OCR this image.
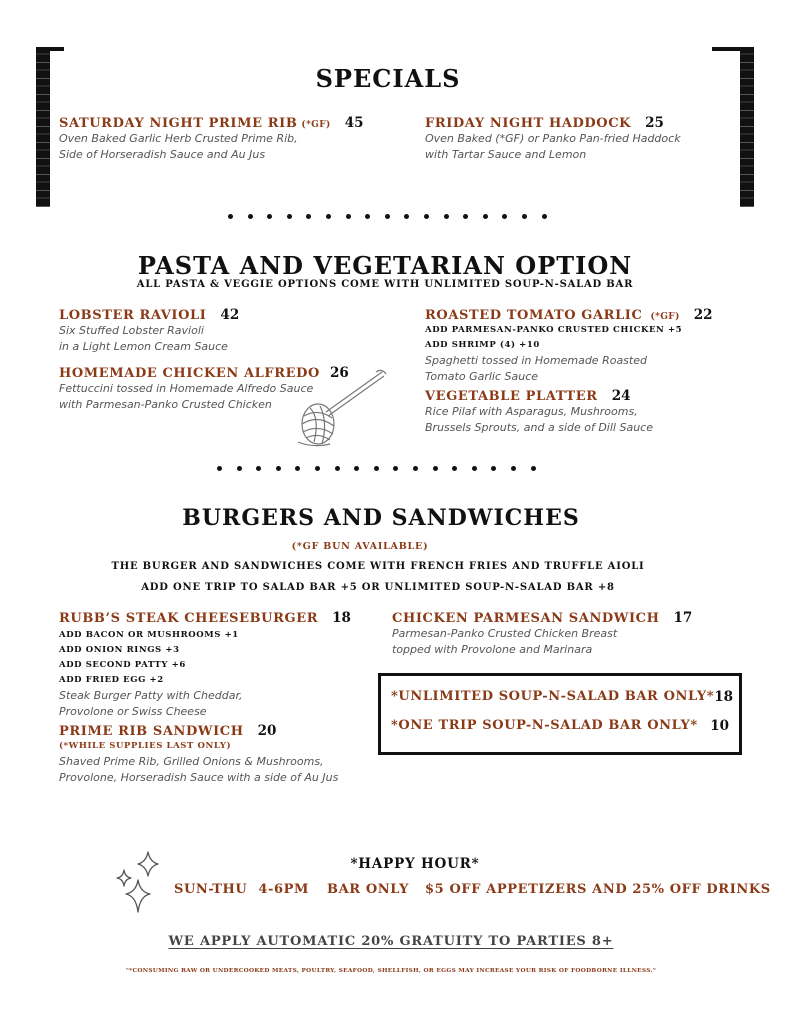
SPECIALS
SATURDAY NIGHT PRIME RIB (*GF) 45
Oven Baked Garlic Herb Crusted Prime Rib,
Side of Horseradish Sauce and Au Jus
FRIDAY NIGHT HADDOCK 25
Oven Baked (*GF) or Panko Pan-fried Haddock
with Tartar Sauce and Lemon
PASTA AND VEGETARIAN OPTION
ALL PASTA & VEGGIE OPTIONS COME WITH UNLIMITED SOUP-N-SALAD BAR
LOBSTER RAVIOLI 42
Six Stuffed Lobster Ravioli
in a Light Lemon Cream Sauce
HOMEMADE CHICKEN ALFREDO 26
Fettuccini tossed in Homemade Alfredo Sauce
with Parmesan-Panko Crusted Chicken
ROASTED TOMATO GARLIC (*GF) 22
ADD PARMESAN-PANKO CRUSTED CHICKEN +5
ADD SHRIMP (4) +10
Spaghetti tossed in Homemade Roasted
Tomato Garlic Sauce
VEGETABLE PLATTER 24
Rice Pilaf with Asparagus, Mushrooms,
Brussels Sprouts, and a side of Dill Sauce
BURGERS AND SANDWICHES
(*GF BUN AVAILABLE)
THE BURGER AND SANDWICHES COME WITH FRENCH FRIES AND TRUFFLE AIOLI
ADD ONE TRIP TO SALAD BAR +5 OR UNLIMITED SOUP-N-SALAD BAR +8
RUBB’S STEAK CHEESEBURGER 18
ADD BACON OR MUSHROOMS +1
ADD ONION RINGS +3
ADD SECOND PATTY +6
ADD FRIED EGG +2
Steak Burger Patty with Cheddar,
Provolone or Swiss Cheese
PRIME RIB SANDWICH 20
(*WHILE SUPPLIES LAST ONLY)
Shaved Prime Rib, Grilled Onions & Mushrooms,
Provolone, Horseradish Sauce with a side of Au Jus
CHICKEN PARMESAN SANDWICH 17
Parmesan-Panko Crusted Chicken Breast
topped with Provolone and Marinara
*UNLIMITED SOUP-N-SALAD BAR ONLY* 18
*ONE TRIP SOUP-N-SALAD BAR ONLY* 10
*HAPPY HOUR*
SUN-THU 4-6PM BAR ONLY $5 OFF APPETIZERS AND 25% OFF DRINKS
WE APPLY AUTOMATIC 20% GRATUITY TO PARTIES 8+
"*CONSUMING RAW OR UNDERCOOKED MEATS, POULTRY, SEAFOOD, SHELLFISH, OR EGGS MAY INCREASE YOUR RISK OF FOODBORNE ILLNESS."
